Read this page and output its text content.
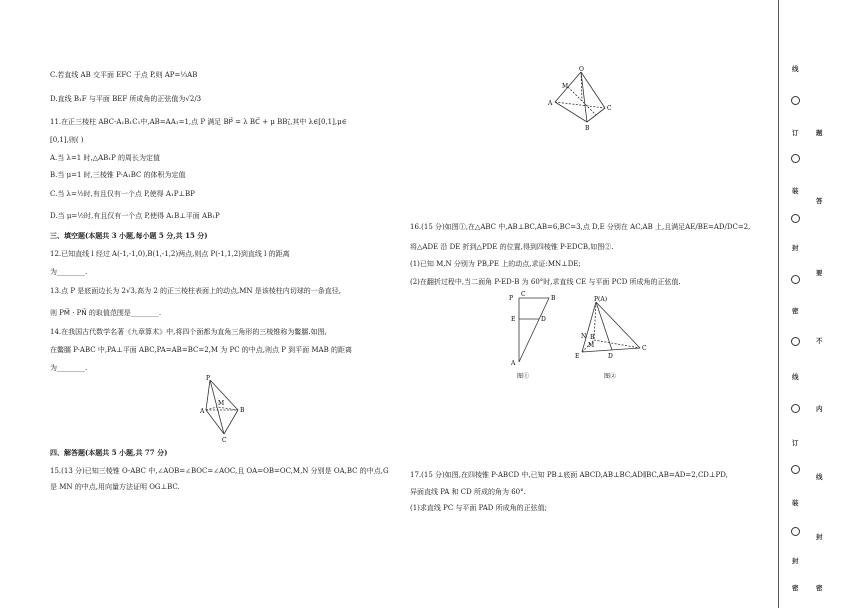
C.若直线 AB 交平面 EFC 于点 P,则 AP=⅓AB
D.直线 B₁F 与平面 BEF 所成角的正弦值为√2/3
11.在正三棱柱 ABC-A₁B₁C₁中,AB=AA₁=1,点 P 满足 BP⃗ = λ BC⃗ + μ BB₁⃗,其中 λ∈[0,1],μ∈
[0,1],则( )
A.当 λ=1 时,△AB₁P 的周长为定值
B.当 μ=1 时,三棱锥 P-A₁BC 的体积为定值
C.当 λ=½时,有且仅有一个点 P,使得 A₁P⊥BP
D.当 μ=½时,有且仅有一个点 P,使得 A₁B⊥平面 AB₁P
三、填空题(本题共 3 小题,每小题 5 分,共 15 分)
12.已知直线 l 经过 A(-1,-1,0),B(1,-1,2)两点,则点 P(-1,1,2)到直线 l 的距离
为________.
13.点 P 是底面边长为 2√3,高为 2 的正三棱柱表面上的动点,MN 是该棱柱内切球的一条直径,
则 PM⃗ · PN⃗ 的取值范围是________.
14.在我国古代数学名著《九章算术》中,将四个面都为直角三角形的三棱锥称为鳖臑.如图,
在鳖臑 P-ABC 中,PA⊥平面 ABC,PA=AB=BC=2,M 为 PC 的中点,则点 P 到平面 MAB 的距离
为________.
P
M
A	B
C
四、解答题(本题共 5 小题,共 77 分)
15.(13 分)已知三棱锥 O-ABC 中,∠AOB=∠BOC=∠AOC,且 OA=OB=OC,M,N 分别是 OA,BC 的中点,G
是 MN 的中点,用向量方法证明 OG⊥BC.
O
M
A
B
C
16.(15 分)如图①,在△ABC 中,AB⊥BC,AB=6,BC=3,点 D,E 分别在 AC,AB 上,且满足AE/BE=AD/DC=2,
将△ADE 沿 DE 折到△PDE 的位置,得到四棱锥 P-EDCB,如图②.
(1)已知 M,N 分别为 PB,PE 上的动点,求证:MN⊥DE;
(2)在翻折过程中,当二面角 P-ED-B 为 60°时,求直线 CE 与平面 PCD 所成角的正弦值.
P	B
E
A
D
C
图①
P(A)
N
M
E
B
D
C
图②
17.(15 分)如图,在四棱锥 P-ABCD 中,已知 PB⊥底面 ABCD,AB⊥BC,AD∥BC,AB=AD=2,CD⊥PD,
异面直线 PA 和 CD 所成的角为 60°.
(1)求直线 PC 与平面 PAD 所成角的正弦值;
线
订
装
封
密
线
订
装
封
密
题
答
要
不
内
线
封
密
